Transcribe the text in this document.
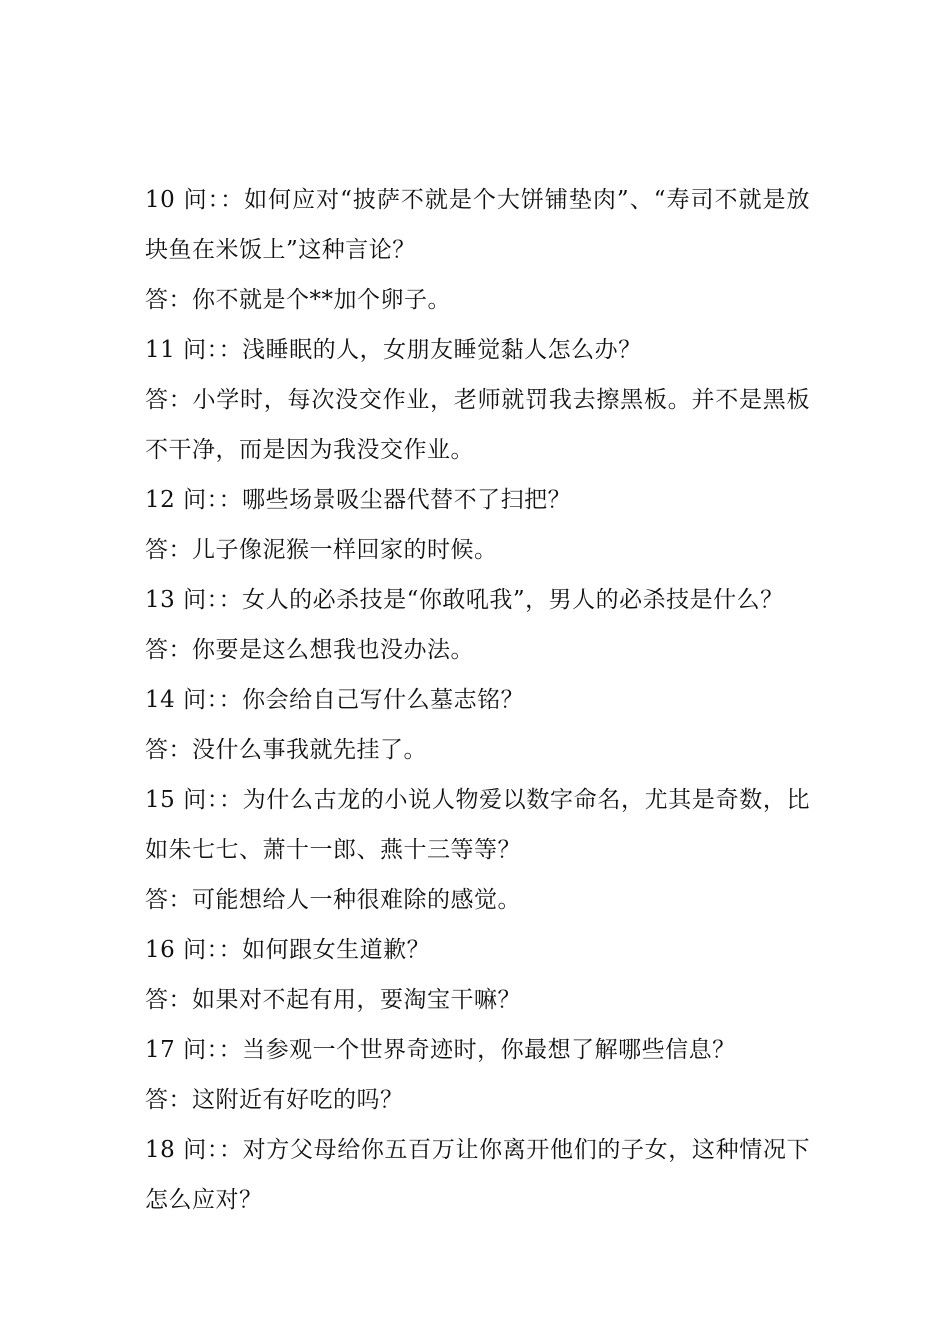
10 问：：如何应对“披萨不就是个大饼铺垫肉”、“寿司不就是放块鱼在米饭上”这种言论？

答：你不就是个**加个卵子。

11 问：：浅睡眠的人，女朋友睡觉黏人怎么办？

答：小学时，每次没交作业，老师就罚我去擦黑板。并不是黑板不干净，而是因为我没交作业。

12 问：：哪些场景吸尘器代替不了扫把？

答：儿子像泥猴一样回家的时候。

13 问：：女人的必杀技是“你敢吼我”，男人的必杀技是什么？

答：你要是这么想我也没办法。

14 问：：你会给自己写什么墓志铭？

答：没什么事我就先挂了。

15 问：：为什么古龙的小说人物爱以数字命名，尤其是奇数，比如朱七七、萧十一郎、燕十三等等？

答：可能想给人一种很难除的感觉。

16 问：：如何跟女生道歉？

答：如果对不起有用，要淘宝干嘛？

17 问：：当参观一个世界奇迹时，你最想了解哪些信息？

答：这附近有好吃的吗？

18 问：：对方父母给你五百万让你离开他们的子女，这种情况下怎么应对？
